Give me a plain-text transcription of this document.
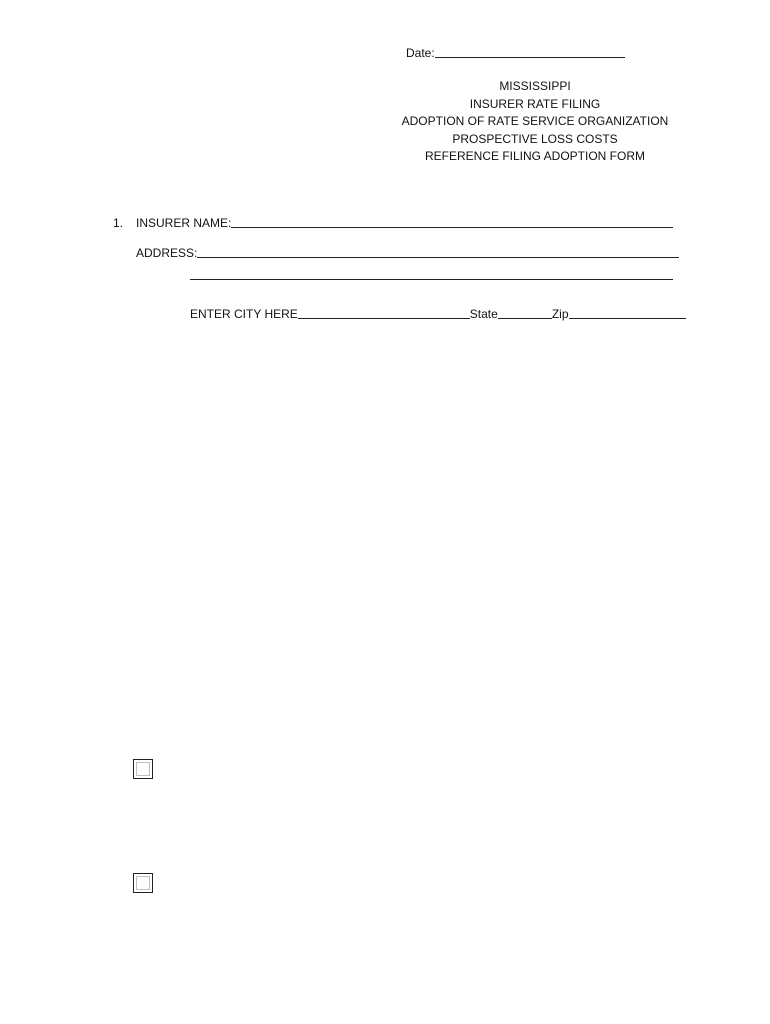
Date:
MISSISSIPPI
INSURER RATE FILING
ADOPTION OF RATE SERVICE ORGANIZATION
PROSPECTIVE LOSS COSTS
REFERENCE FILING ADOPTION FORM
1. INSURER NAME:
ADDRESS:
ENTER CITY HERE	State	Zip
